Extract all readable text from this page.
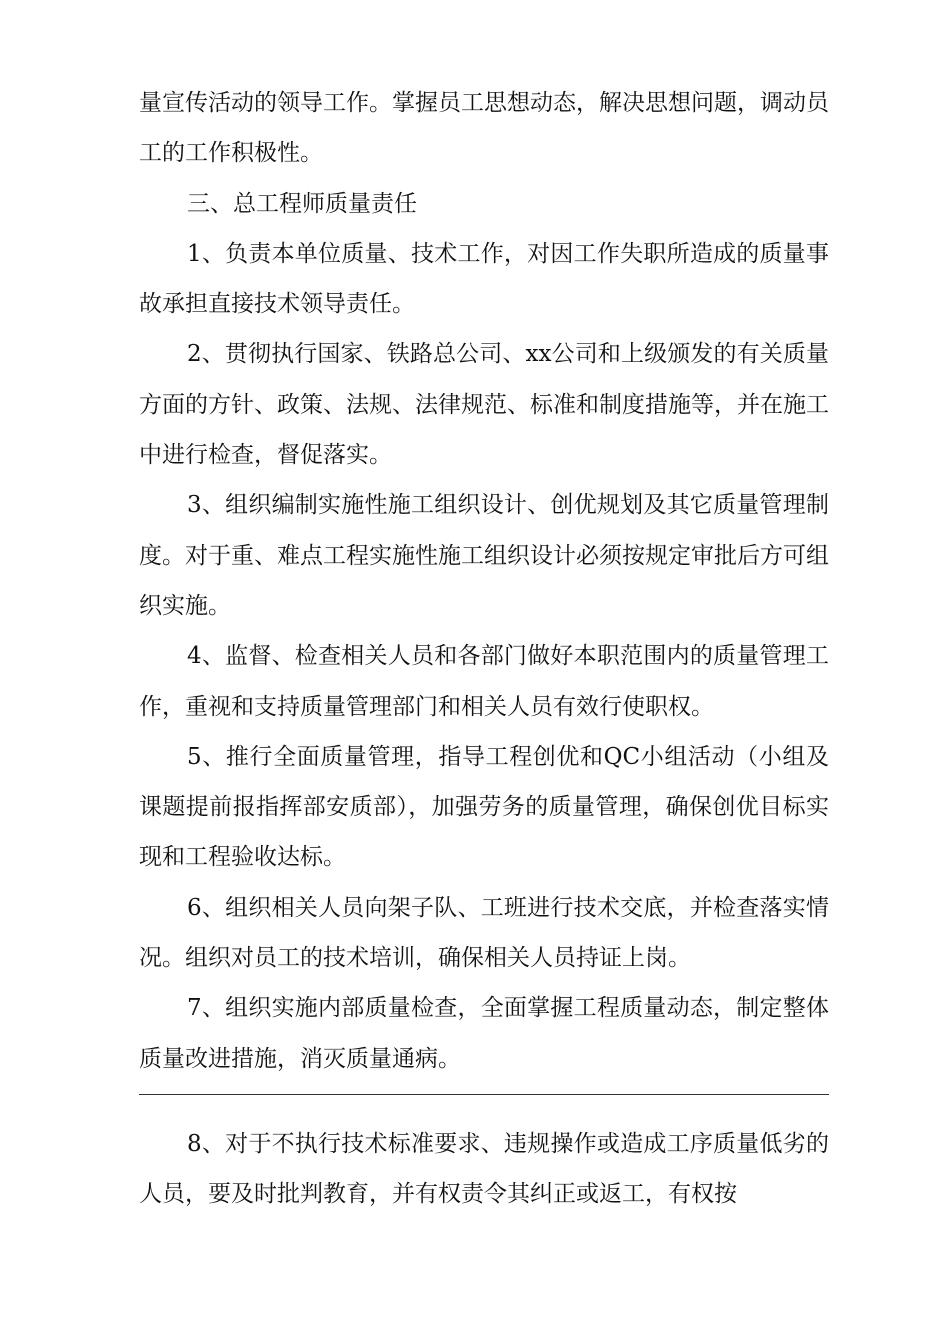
量宣传活动的领导工作。掌握员工思想动态，解决思想问题，调动员工的工作积极性。

三、总工程师质量责任

1、负责本单位质量、技术工作，对因工作失职所造成的质量事故承担直接技术领导责任。

2、贯彻执行国家、铁路总公司、xx公司和上级颁发的有关质量方面的方针、政策、法规、法律规范、标准和制度措施等，并在施工中进行检查，督促落实。

3、组织编制实施性施工组织设计、创优规划及其它质量管理制度。对于重、难点工程实施性施工组织设计必须按规定审批后方可组织实施。

4、监督、检查相关人员和各部门做好本职范围内的质量管理工作，重视和支持质量管理部门和相关人员有效行使职权。

5、推行全面质量管理，指导工程创优和QC小组活动（小组及课题提前报指挥部安质部），加强劳务的质量管理，确保创优目标实现和工程验收达标。

6、组织相关人员向架子队、工班进行技术交底，并检查落实情况。组织对员工的技术培训，确保相关人员持证上岗。

7、组织实施内部质量检查，全面掌握工程质量动态，制定整体质量改进措施，消灭质量通病。

8、对于不执行技术标准要求、违规操作或造成工序质量低劣的人员，要及时批判教育，并有权责令其纠正或返工，有权按
